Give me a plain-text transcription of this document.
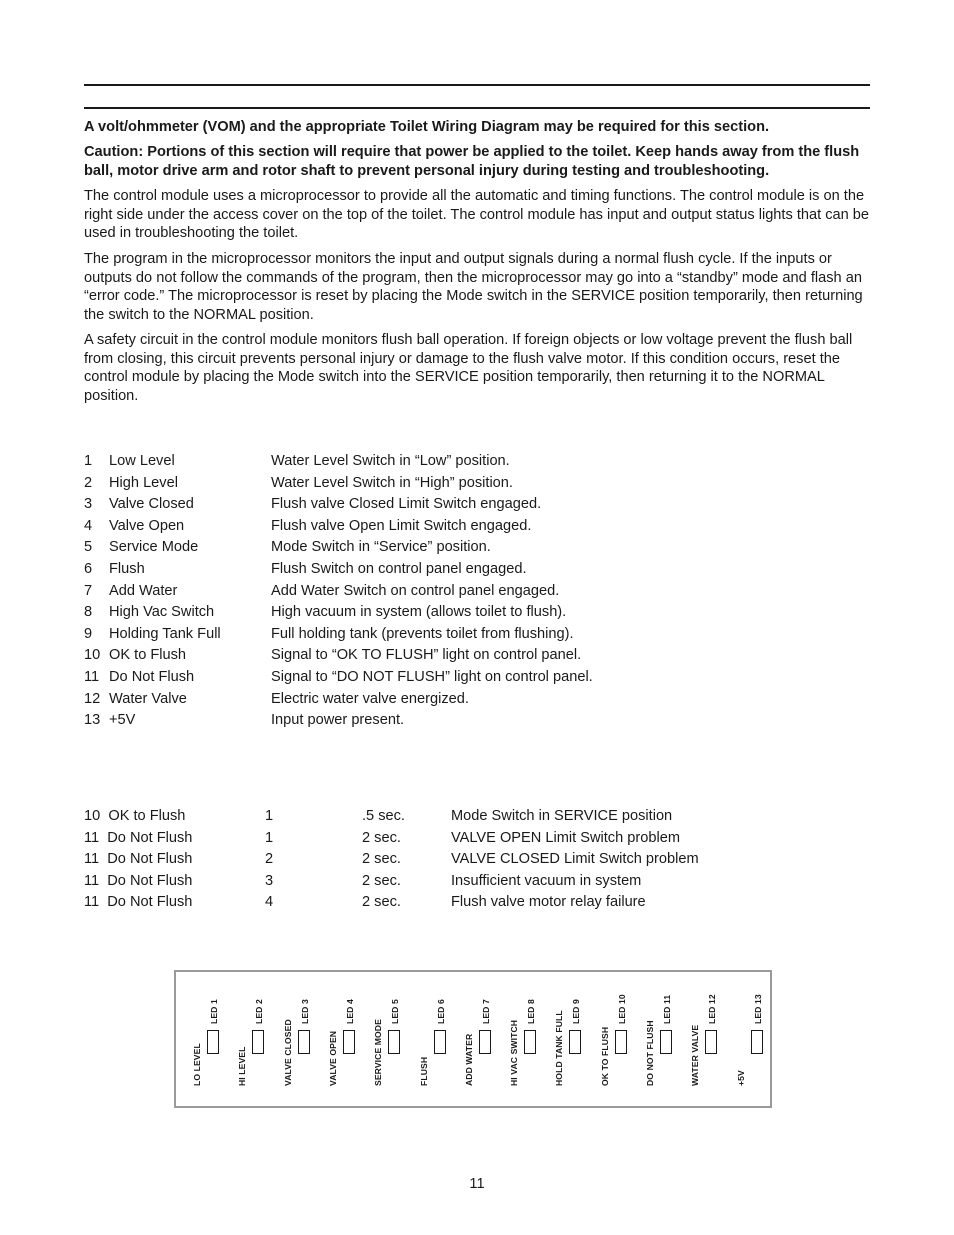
A volt/ohmmeter (VOM) and the appropriate Toilet Wiring Diagram may be required for this section.

Caution: Portions of this section will require that power be applied to the toilet. Keep hands away from the flush ball, motor drive arm and rotor shaft to prevent personal injury during testing and troubleshooting.

The control module uses a microprocessor to provide all the automatic and timing functions. The control module is on the right side under the access cover on the top of the toilet. The control module has input and output status lights that can be used in troubleshooting the toilet.

The program in the microprocessor monitors the input and output signals during a normal flush cycle. If the inputs or outputs do not follow the commands of the program, then the microprocessor may go into a “standby” mode and flash an “error code.” The microprocessor is reset by placing the Mode switch in the SERVICE position temporarily, then returning the switch to the NORMAL position.

A safety circuit in the control module monitors flush ball operation. If foreign objects or low voltage prevent the flush ball from closing, this circuit prevents personal injury or damage to the flush valve motor. If this condition occurs, reset the control module by placing the Mode switch into the SERVICE position temporarily, then returning it to the NORMAL position.

1 Low Level	Water Level Switch in “Low” position.
2 High Level	Water Level Switch in “High” position.
3 Valve Closed	Flush valve Closed Limit Switch engaged.
4 Valve Open	Flush valve Open Limit Switch engaged.
5 Service Mode	Mode Switch in “Service” position.
6 Flush	Flush Switch on control panel engaged.
7 Add Water	Add Water Switch on control panel engaged.
8 High Vac Switch	High vacuum in system (allows toilet to flush).
9 Holding Tank Full	Full holding tank (prevents toilet from flushing).
10 OK to Flush	Signal to “OK TO FLUSH” light on control panel.
11 Do Not Flush	Signal to “DO NOT FLUSH” light on control panel.
12 Water Valve	Electric water valve energized.
13 +5V	Input power present.
10  OK to Flush	1	.5 sec.	Mode Switch in SERVICE position
11  Do Not Flush	1	2 sec.	VALVE OPEN Limit Switch problem
11  Do Not Flush	2	2 sec.	VALVE CLOSED Limit Switch problem
11  Do Not Flush	3	2 sec.	Insufficient vacuum in system
11  Do Not Flush	4	2 sec.	Flush valve motor relay failure
LO LEVEL
LED 1
HI LEVEL
LED 2
VALVE CLOSED
LED 3
VALVE OPEN
LED 4
SERVICE MODE
LED 5
FLUSH
LED 6
ADD WATER
LED 7
HI VAC SWITCH
LED 8 HOLD TANK FULL LED 9
OK TO FLUSH
LED 10
DO NOT FLUSH
LED 11
WATER VALVE
LED 12
+5V
LED 13
11
